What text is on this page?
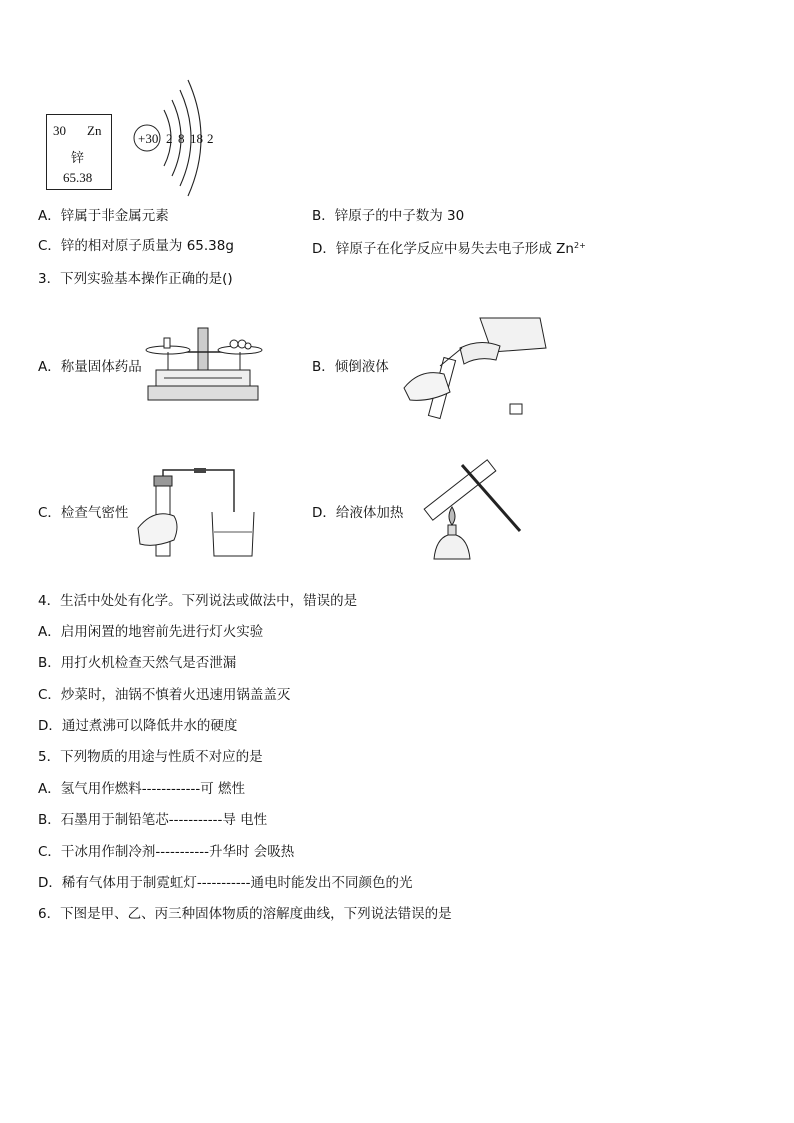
30 Zn
锌
65.38
+30 2 8 18 2
A．锌属于非金属元素	B．锌原子的中子数为 30
C．锌的相对原子质量为 65.38g	D．锌原子在化学反应中易失去电子形成 $Zn^{2+}$
3．下列实验基本操作正确的是()
A．称量固体药品	B．倾倒液体
C．检查气密性	D．给液体加热
4．生活中处处有化学。下列说法或做法中，错误的是
A．启用闲置的地窖前先进行灯火实验
B．用打火机检查天然气是否泄漏
C．炒菜时，油锅不慎着火迅速用锅盖盖灭
D．通过煮沸可以降低井水的硬度
5．下列物质的用途与性质不对应的是
A．氢气用作燃料------------可 燃性
B．石墨用于制铅笔芯-----------导 电性
C．干冰用作制冷剂-----------升华时 会吸热
D．稀有气体用于制霓虹灯-----------通电时能发出不同颜色的光
6．下图是甲、乙、丙三种固体物质的溶解度曲线，下列说法错误的是
